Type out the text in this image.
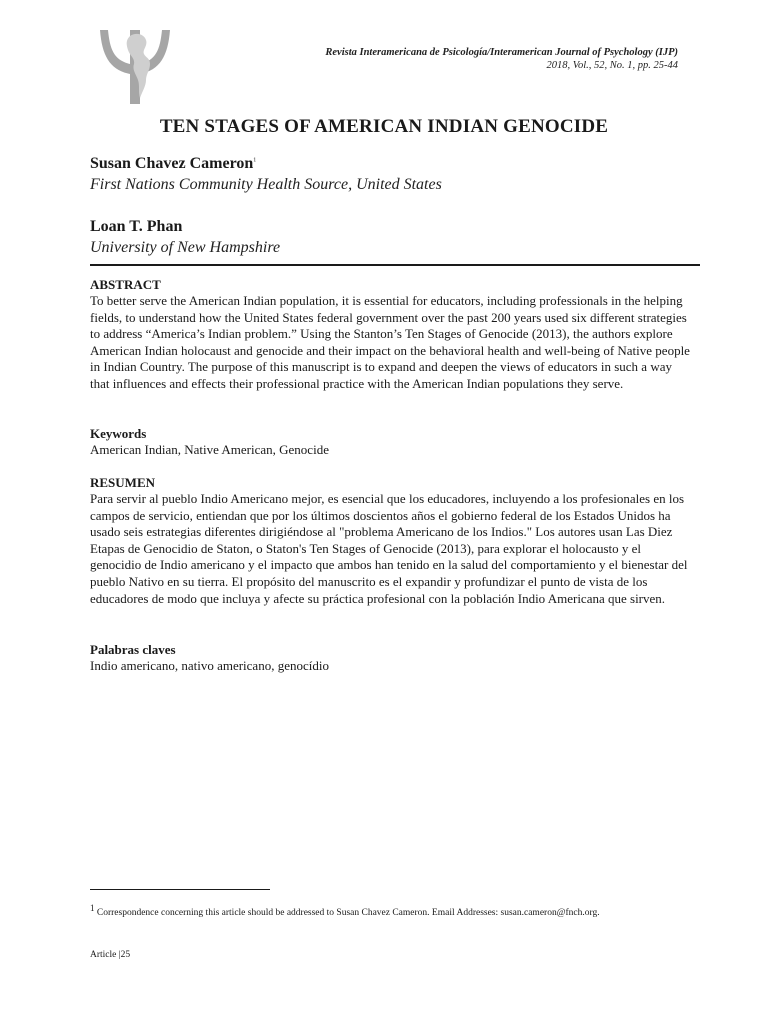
Revista Interamericana de Psicología/Interamerican Journal of Psychology (IJP)
2018, Vol., 52, No. 1, pp. 25-44
TEN STAGES OF AMERICAN INDIAN GENOCIDE
Susan Chavez Cameron$^1$
First Nations Community Health Source, United States
Loan T. Phan
University of New Hampshire
ABSTRACT

To better serve the American Indian population, it is essential for educators, including professionals in the helping fields, to understand how the United States federal government over the past 200 years used six different strategies to address “America’s Indian problem.” Using the Stanton’s Ten Stages of Genocide (2013), the authors explore American Indian holocaust and genocide and their impact on the behavioral health and well-being of Native people in Indian Country. The purpose of this manuscript is to expand and deepen the views of educators in such a way that influences and effects their professional practice with the American Indian populations they serve.

Keywords

American Indian, Native American, Genocide

RESUMEN

Para servir al pueblo Indio Americano mejor, es esencial que los educadores, incluyendo a los profesionales en los campos de servicio, entiendan que por los últimos doscientos años el gobierno federal de los Estados Unidos ha usado seis estrategias diferentes dirigiéndose al "problema Americano de los Indios." Los autores usan Las Diez Etapas de Genocidio de Staton, o Staton's Ten Stages of Genocide (2013), para explorar el holocausto y el genocidio de Indio americano y el impacto que ambos han tenido en la salud del comportamiento y el bienestar del pueblo Nativo en su tierra. El propósito del manuscrito es el expandir y profundizar el punto de vista de los educadores de modo que incluya y afecte su práctica profesional con la población Indio Americana que sirven.

Palabras claves

Indio americano, nativo americano, genocídio

$^1$ Correspondence concerning this article should be addressed to Susan Chavez Cameron. Email Addresses: susan.cameron@fnch.org.
Article |25
